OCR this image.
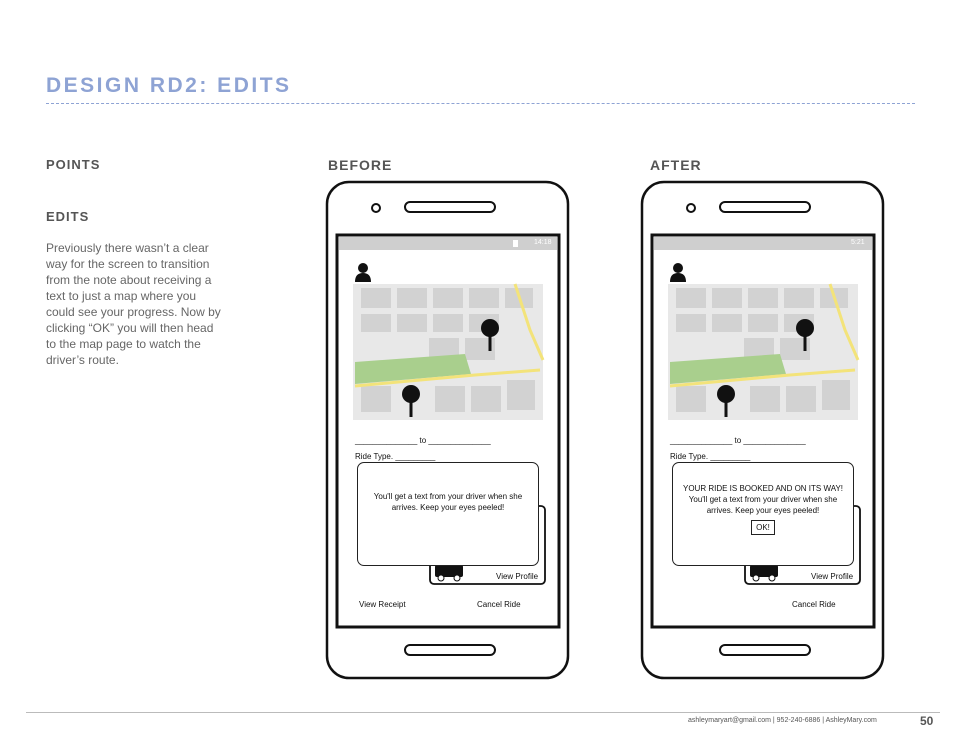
DESIGN RD2: EDITS
POINTS
EDITS
Previously there wasn’t a clear way for the screen to transition from the note about receiving a text to just a map where you could see your progress. Now by clicking “OK” you will then head to the map page to watch the driver’s route.
BEFORE	AFTER
14:18
______________ to ______________
Ride Type. _________
You'll get a text from your driver when she arrives. Keep your eyes peeled!
View Profile
View Receipt	Cancel Ride
5:21
______________ to ______________
Ride Type. _________
YOUR RIDE IS BOOKED AND ON ITS WAY!
You'll get a text from your driver when she arrives. Keep your eyes peeled!
OK!
View Profile
Cancel Ride
ashleymaryart@gmail.com | 952-240-6886 | AshleyMary.com	50
